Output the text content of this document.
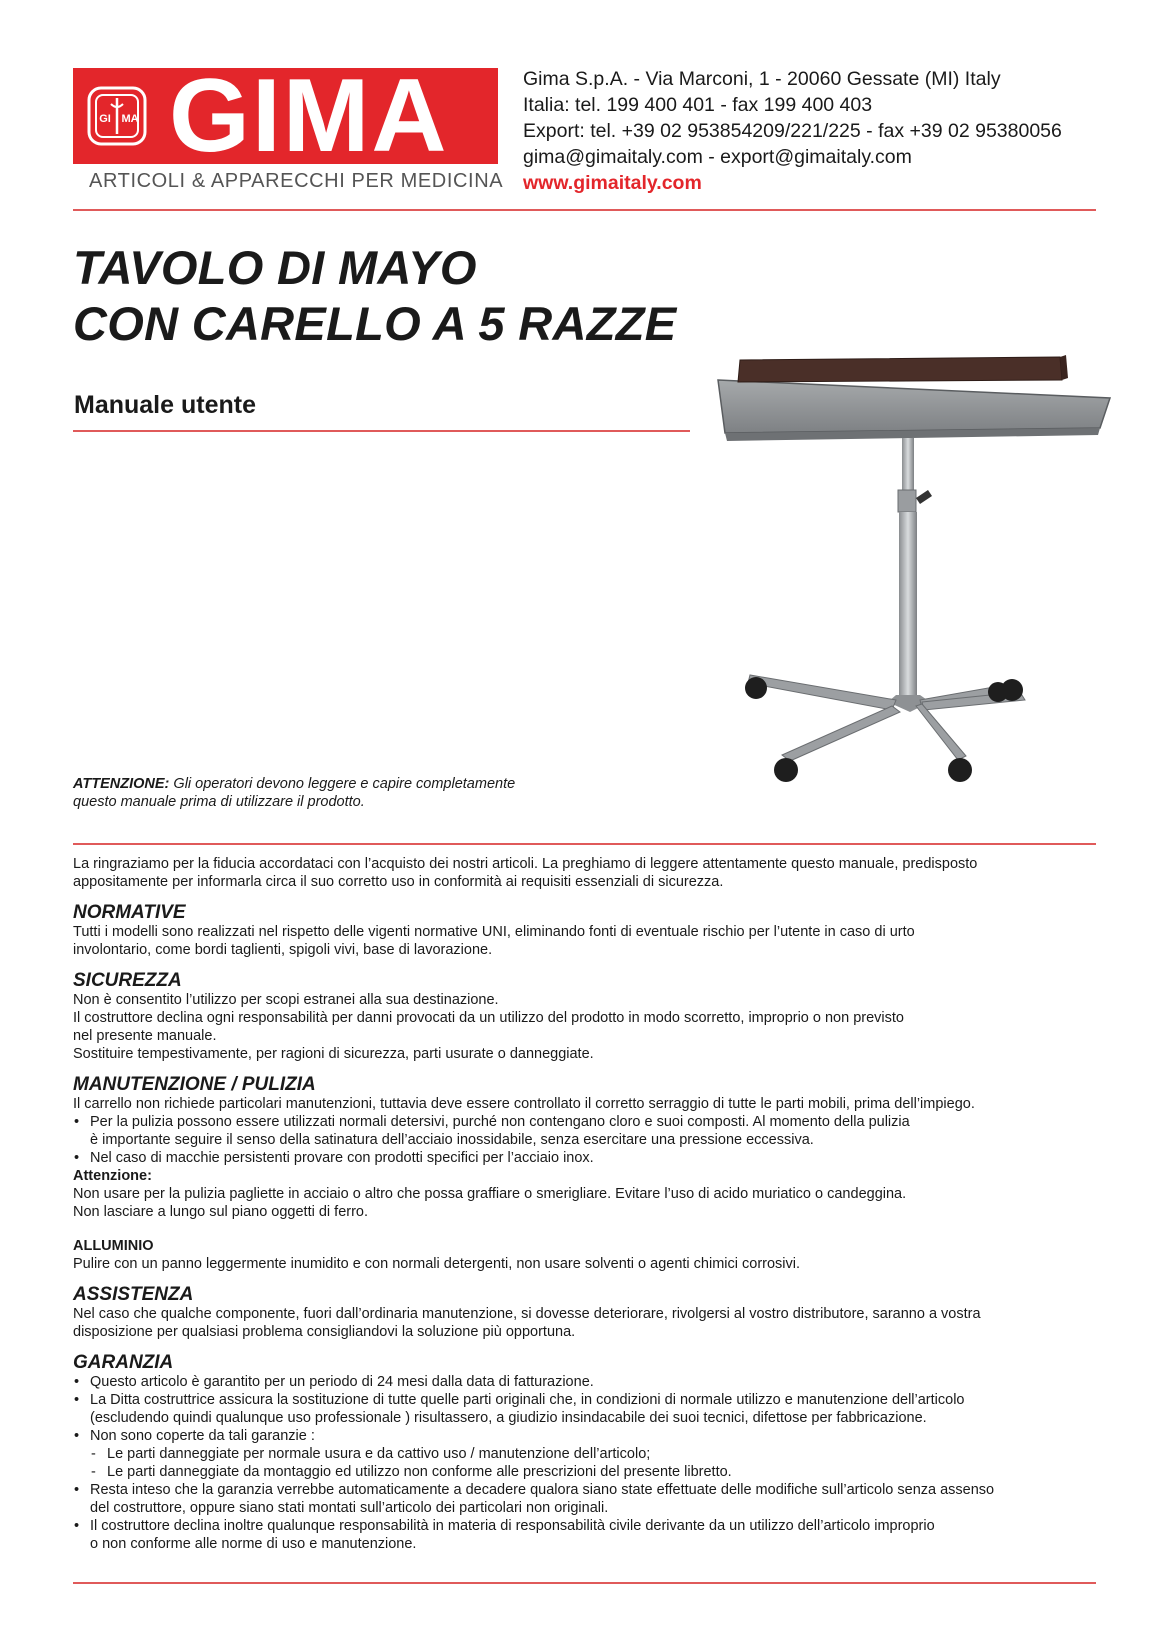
GI MA GIMA
ARTICOLI & APPARECCHI PER MEDICINA
Gima S.p.A. - Via Marconi, 1 - 20060 Gessate (MI) Italy
Italia: tel. 199 400 401 - fax 199 400 403
Export: tel. +39 02 953854209/221/225 - fax +39 02 95380056
gima@gimaitaly.com - export@gimaitaly.com
www.gimaitaly.com
TAVOLO DI MAYO
CON CARELLO A 5 RAZZE
Manuale utente
ATTENZIONE: Gli operatori devono leggere e capire completamente
questo manuale prima di utilizzare il prodotto.

La ringraziamo per la fiducia accordataci con l’acquisto dei nostri articoli. La preghiamo di leggere attentamente questo manuale, predisposto

appositamente per informarla circa il suo corretto uso in conformità ai requisiti essenziali di sicurezza.

NORMATIVE

Tutti i modelli sono realizzati nel rispetto delle vigenti normative UNI, eliminando fonti di eventuale rischio per l’utente in caso di urto

involontario, come bordi taglienti, spigoli vivi, base di lavorazione.

SICUREZZA

Non è consentito l’utilizzo per scopi estranei alla sua destinazione.

Il costruttore declina ogni responsabilità per danni provocati da un utilizzo del prodotto in modo scorretto, improprio o non previsto

nel presente manuale.

Sostituire tempestivamente, per ragioni di sicurezza, parti usurate o danneggiate.

MANUTENZIONE / PULIZIA

Il carrello non richiede particolari manutenzioni, tuttavia deve essere controllato il corretto serraggio di tutte le parti mobili, prima dell’impiego.

• Per la pulizia possono essere utilizzati normali detersivi, purché non contengano cloro e suoi composti. Al momento della pulizia
è importante seguire il senso della satinatura dell’acciaio inossidabile, senza esercitare una pressione eccessiva.

• Nel caso di macchie persistenti provare con prodotti specifici per l’acciaio inox.

Attenzione:

Non usare per la pulizia pagliette in acciaio o altro che possa graffiare o smerigliare. Evitare l’uso di acido muriatico o candeggina.

Non lasciare a lungo sul piano oggetti di ferro.

ALLUMINIO

Pulire con un panno leggermente inumidito e con normali detergenti, non usare solventi o agenti chimici corrosivi.

ASSISTENZA

Nel caso che qualche componente, fuori dall’ordinaria manutenzione, si dovesse deteriorare, rivolgersi al vostro distributore, saranno a vostra

disposizione per qualsiasi problema consigliandovi la soluzione più opportuna.

GARANZIA

• Questo articolo è garantito per un periodo di 24 mesi dalla data di fatturazione.

• La Ditta costruttrice assicura la sostituzione di tutte quelle parti originali che, in condizioni di normale utilizzo e manutenzione dell’articolo
(escludendo quindi qualunque uso professionale ) risultassero, a giudizio insindacabile dei suoi tecnici, difettose per fabbricazione.

• Non sono coperte da tali garanzie :

- Le parti danneggiate per normale usura e da cattivo uso / manutenzione dell’articolo;

- Le parti danneggiate da montaggio ed utilizzo non conforme alle prescrizioni del presente libretto.

• Resta inteso che la garanzia verrebbe automaticamente a decadere qualora siano state effettuate delle modifiche sull’articolo senza assenso
del costruttore, oppure siano stati montati sull’articolo dei particolari non originali.

• Il costruttore declina inoltre qualunque responsabilità in materia di responsabilità civile derivante da un utilizzo dell’articolo improprio
o non conforme alle norme di uso e manutenzione.
